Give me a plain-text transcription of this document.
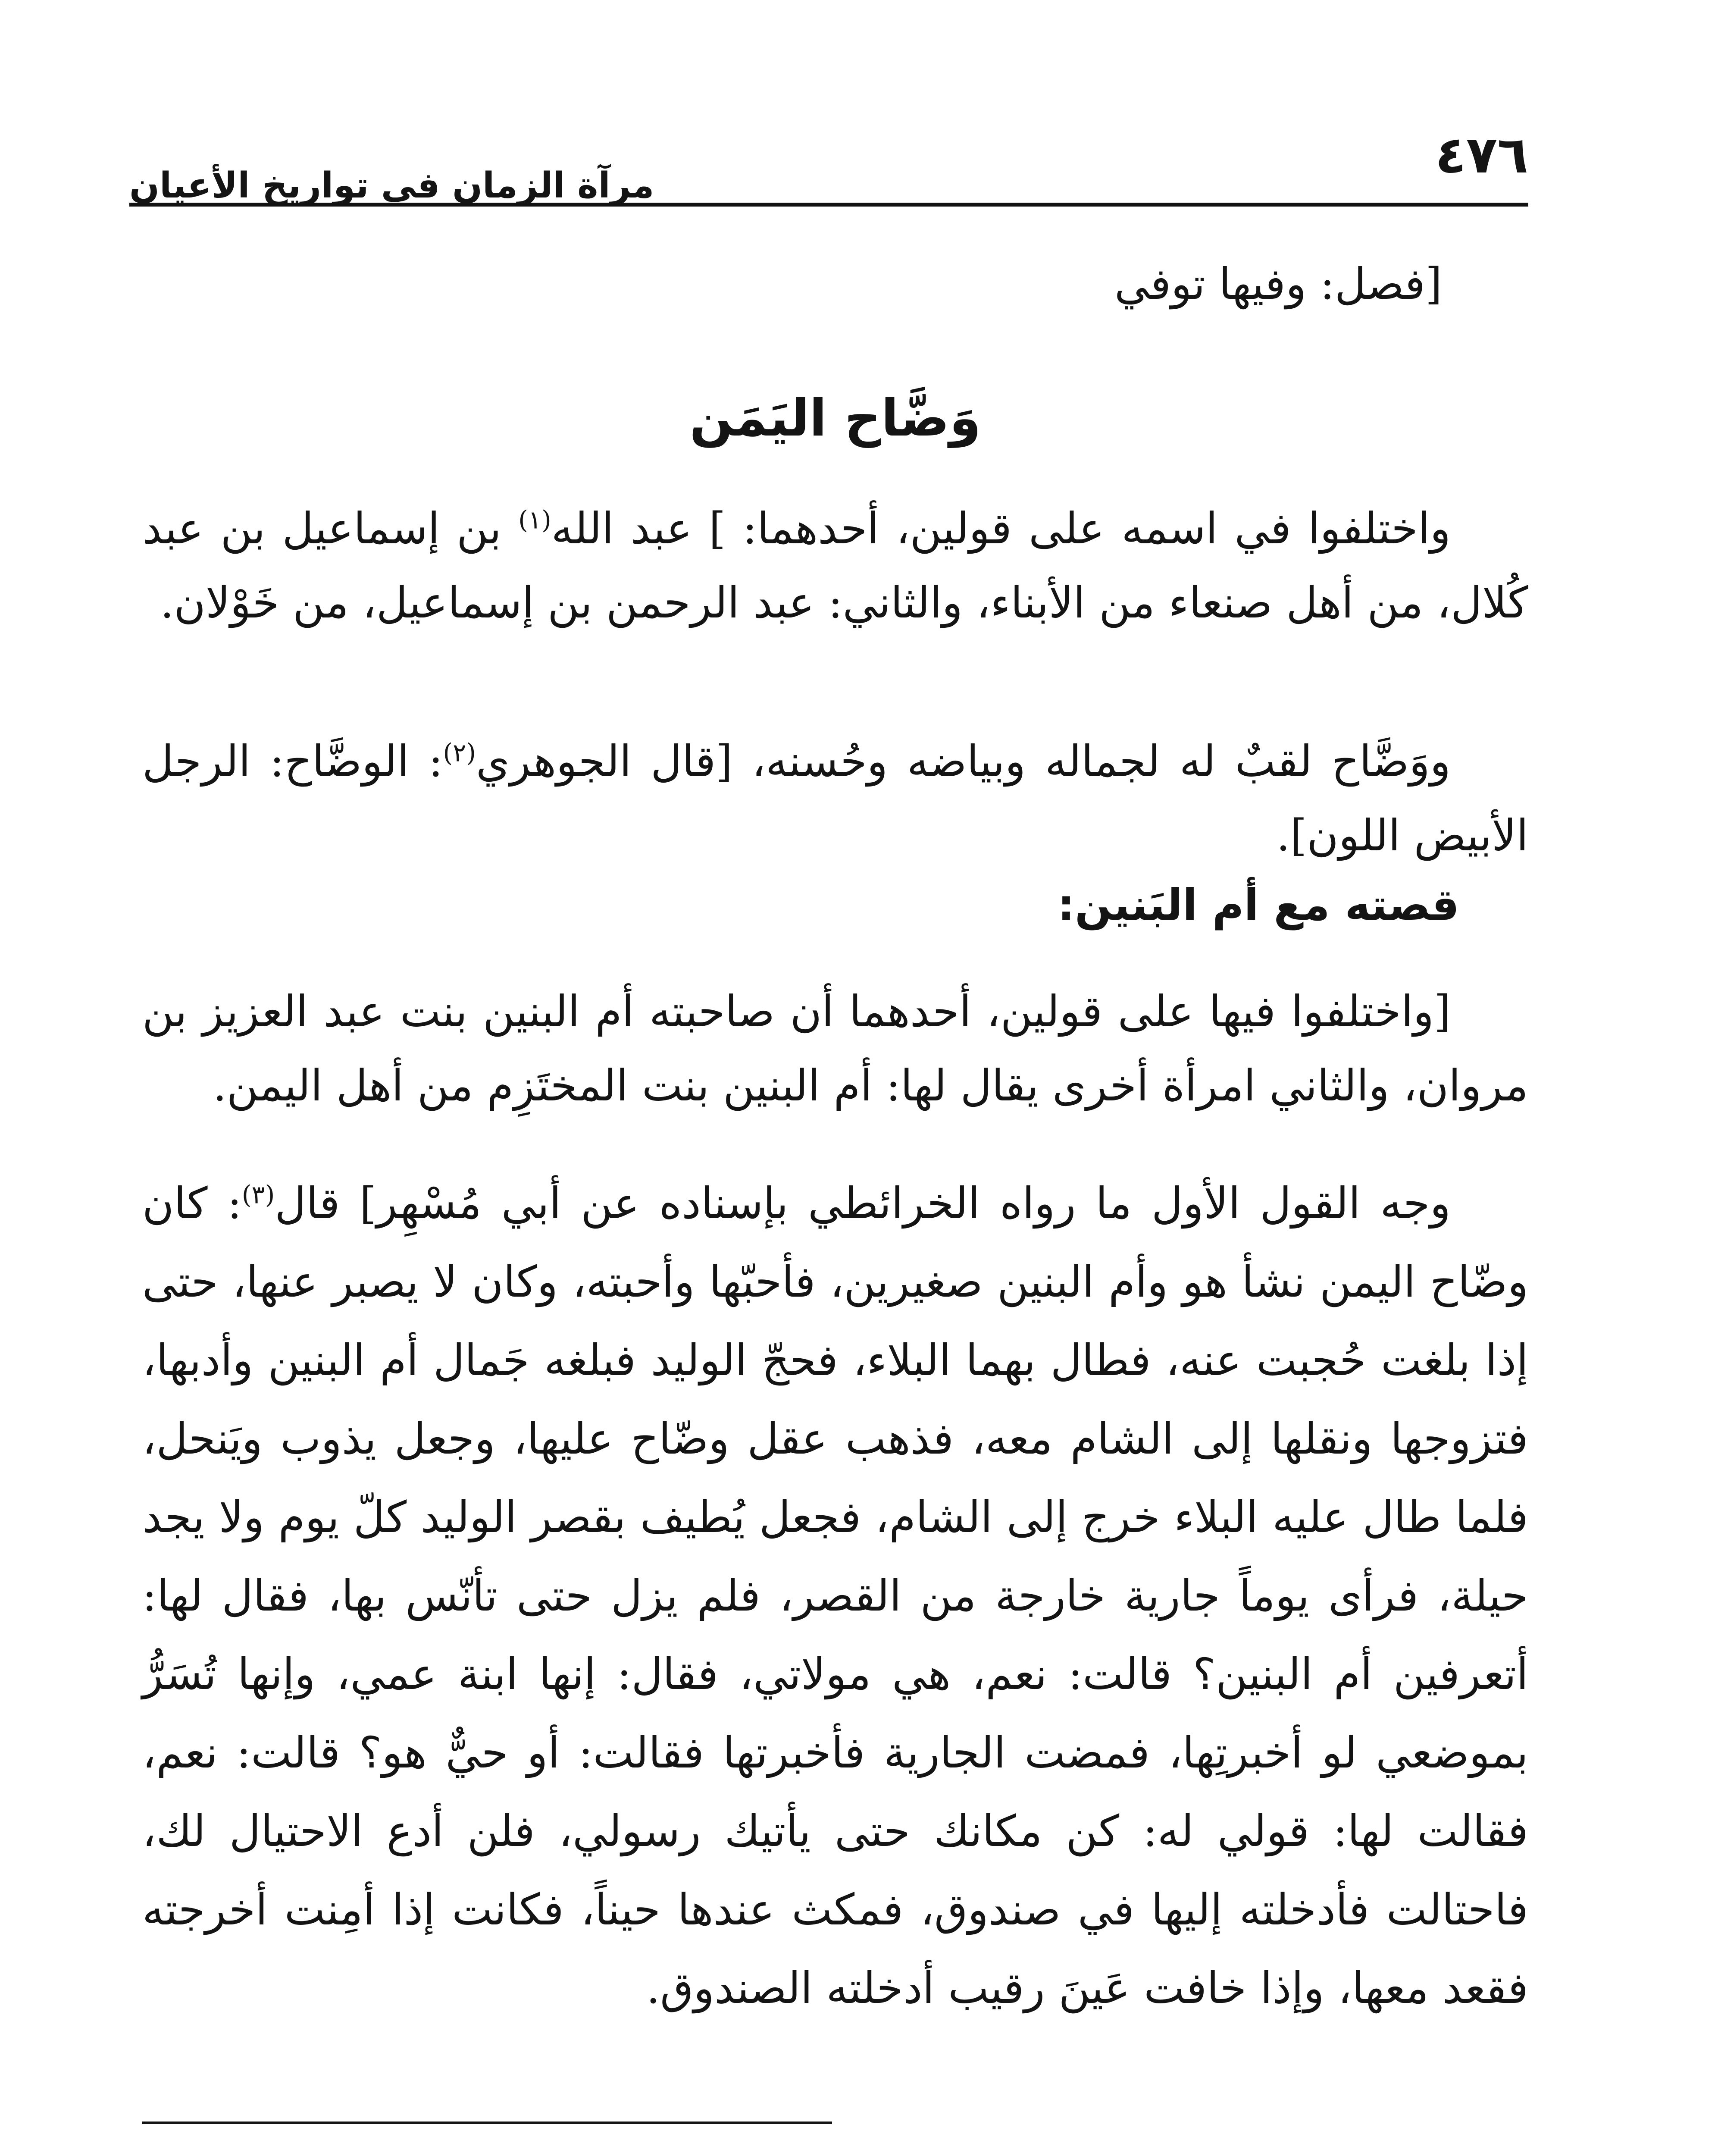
٤٧٦
مرآة الزمان في تواريخ الأعيان
[فصل: وفيها توفي
وَضَّاح اليَمَن

واختلفوا في اسمه على قولين، أحدهما: ] عبد الله$^{(١)}$ بن إسماعيل بن عبد كُلال، من أهل صنعاء من الأبناء، والثاني: عبد الرحمن بن إسماعيل، من خَوْلان.

ووَضَّاح لقبٌ له لجماله وبياضه وحُسنه، [قال الجوهري$^{(٢)}$: الوضَّاح: الرجل الأبيض اللون].

قصته مع أم البَنين:

[واختلفوا فيها على قولين، أحدهما أن صاحبته أم البنين بنت عبد العزيز بن مروان، والثاني امرأة أخرى يقال لها: أم البنين بنت المختَزِم من أهل اليمن.

وجه القول الأول ما رواه الخرائطي بإسناده عن أبي مُسْهِر] قال$^{(٣)}$: كان وضّاح اليمن نشأ هو وأم البنين صغيرين، فأحبّها وأحبته، وكان لا يصبر عنها، حتى إذا بلغت حُجبت عنه، فطال بهما البلاء، فحجّ الوليد فبلغه جَمال أم البنين وأدبها، فتزوجها ونقلها إلى الشام معه، فذهب عقل وضّاح عليها، وجعل يذوب ويَنحل، فلما طال عليه البلاء خرج إلى الشام، فجعل يُطيف بقصر الوليد كلّ يوم ولا يجد حيلة، فرأى يوماً جارية خارجة من القصر، فلم يزل حتى تأنّس بها، فقال لها: أتعرفين أم البنين؟ قالت: نعم، هي مولاتي، فقال: إنها ابنة عمي، وإنها تُسَرُّ بموضعي لو أخبرتِها، فمضت الجارية فأخبرتها فقالت: أو حيٌّ هو؟ قالت: نعم، فقالت لها: قولي له: كن مكانك حتى يأتيك رسولي، فلن أدع الاحتيال لك، فاحتالت فأدخلته إليها في صندوق، فمكث عندها حيناً، فكانت إذا أمِنت أخرجته فقعد معها، وإذا خافت عَينَ رقيب أدخلته الصندوق.
